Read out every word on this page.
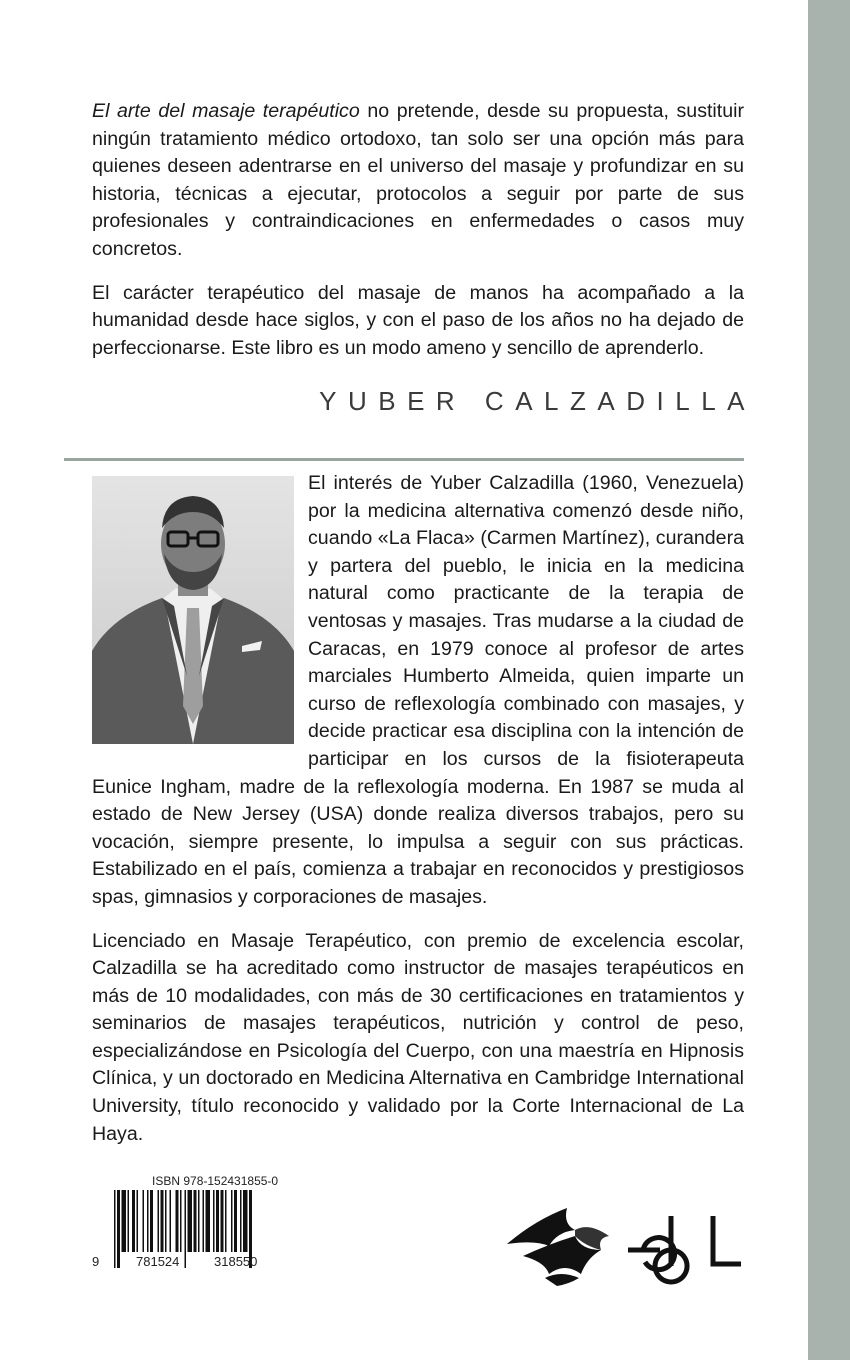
El arte del masaje terapéutico no pretende, desde su propuesta, sustituir ningún tratamiento médico ortodoxo, tan solo ser una opción más para quienes deseen adentrarse en el universo del masaje y profundizar en su historia, técnicas a ejecutar, protocolos a seguir por parte de sus profesionales y contraindicaciones en enfermedades o casos muy concretos.

El carácter terapéutico del masaje de manos ha acompañado a la humanidad desde hace siglos, y con el paso de los años no ha dejado de perfeccionarse. Este libro es un modo ameno y sencillo de aprenderlo.

YUBER CALZADILLA

El interés de Yuber Calzadilla (1960, Venezuela) por la medicina alternativa comenzó desde niño, cuando «La Flaca» (Carmen Martínez), curandera y partera del pueblo, le inicia en la medicina natural como practicante de la terapia de ventosas y masajes. Tras mudarse a la ciudad de Caracas, en 1979 conoce al profesor de artes marciales Humberto Almeida, quien imparte un curso de reflexología combinado con masajes, y decide practicar esa disciplina con la intención de participar en los cursos de la fisioterapeuta Eunice Ingham, madre de la reflexología moderna. En 1987 se muda al estado de New Jersey (USA) donde realiza diversos trabajos, pero su vocación, siempre presente, lo impulsa a seguir con sus prácticas. Estabilizado en el país, comienza a trabajar en reconocidos y prestigiosos spas, gimnasios y corporaciones de masajes.

Licenciado en Masaje Terapéutico, con premio de excelencia escolar, Calzadilla se ha acreditado como instructor de masajes terapéuticos en más de 10 modalidades, con más de 30 certificaciones en tratamientos y seminarios de masajes terapéuticos, nutrición y control de peso, especializándose en Psicología del Cuerpo, con una maestría en Hipnosis Clínica, y un doctorado en Medicina Alternativa en Cambridge International University, título reconocido y validado por la Corte Internacional de La Haya.

ISBN 978-152431855-0
9	781524	318550
